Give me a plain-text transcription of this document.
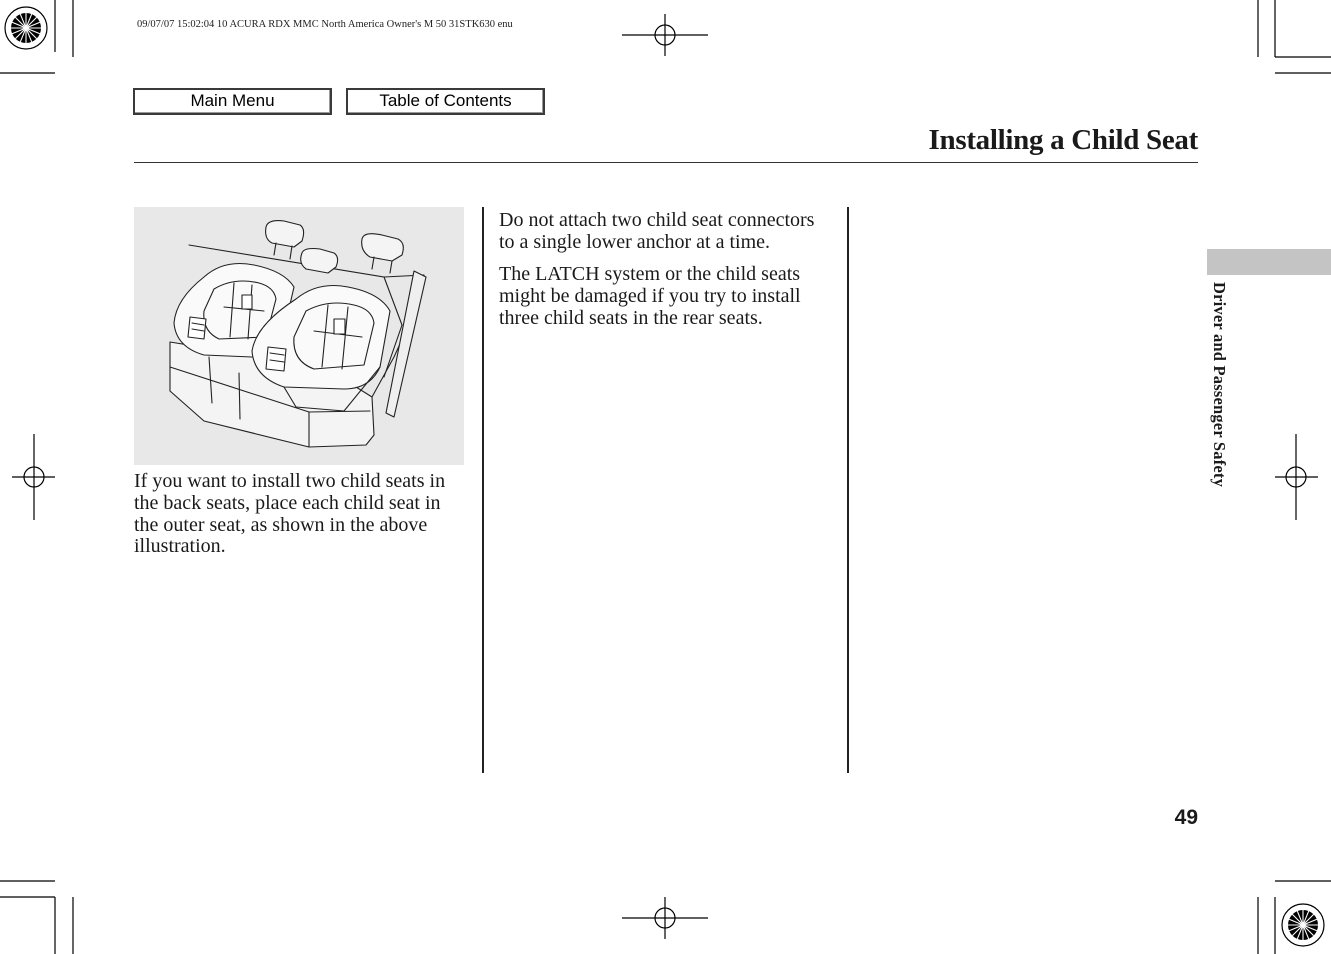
09/07/07 15:02:04 10 ACURA RDX MMC North America Owner's M 50 31STK630 enu
Main Menu	Table of Contents
Installing a Child Seat

If you want to install two child seats in the back seats, place each child seat in the outer seat, as shown in the above illustration.

Do not attach two child seat connectors to a single lower anchor at a time.

The LATCH system or the child seats might be damaged if you try to install three child seats in the rear seats.	Driver and Passenger Safety
49
